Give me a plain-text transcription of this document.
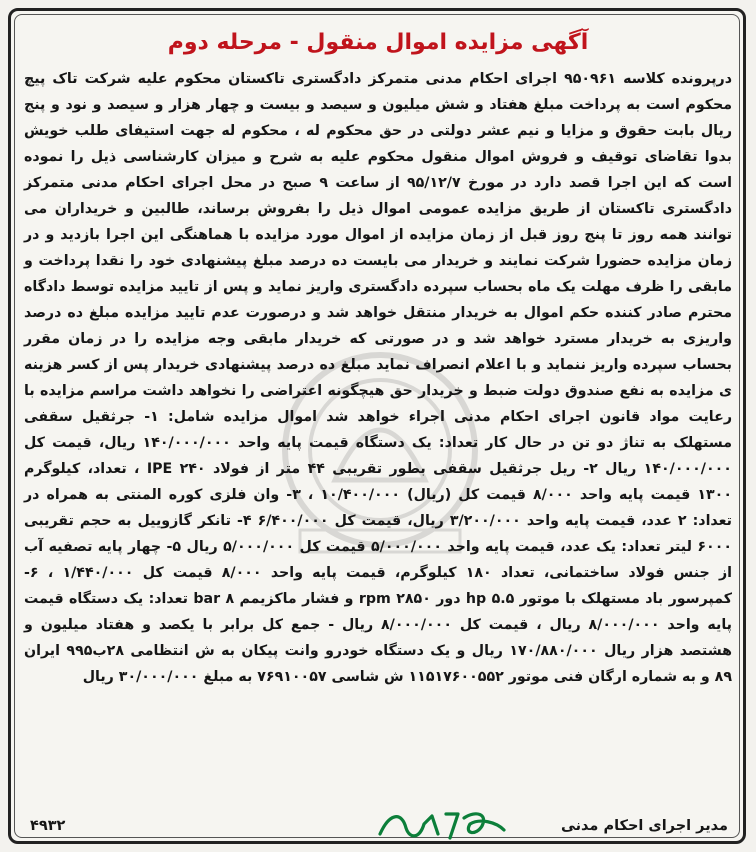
آگهی مزایده اموال منقول - مرحله دوم
درپرونده کلاسه ۹۵۰۹۶۱ اجرای احکام مدنی متمرکز دادگستری تاکستان محکوم علیه شرکت تاک پیچ محکوم است به پرداخت مبلغ هفتاد و شش میلیون و سیصد و بیست و چهار هزار و سیصد و نود و پنج ریال بابت حقوق و مزایا و نیم عشر دولتی در حق محکوم له ، محکوم له جهت استیفای طلب خویش بدوا تقاضای توقیف و فروش اموال منقول محکوم علیه به شرح و میزان کارشناسی ذیل را نموده است که این اجرا قصد دارد در مورخ ۹۵/۱۲/۷ از ساعت ۹ صبح در محل اجرای احکام مدنی متمرکز دادگستری تاکستان از طریق مزایده عمومی اموال ذیل را بفروش برساند، طالبین و خریداران می توانند همه روز تا پنج روز قبل از زمان مزایده از اموال مورد مزایده با هماهنگی این اجرا بازدید و در زمان مزایده حضورا شرکت نمایند و خریدار می بایست ده درصد مبلغ پیشنهادی خود را نقدا پرداخت و مابقی را ظرف مهلت یک ماه بحساب سپرده دادگستری واریز نماید و پس از تایید مزایده توسط دادگاه محترم صادر کننده حکم اموال به خریدار منتقل خواهد شد و درصورت عدم تایید مزایده مبلغ ده درصد واریزی به خریدار مسترد خواهد شد و در صورتی که خریدار مابقی وجه مزایده را در زمان مقرر بحساب سپرده واریز ننماید و با اعلام انصراف نماید مبلغ ده درصد پیشنهادی خریدار پس از کسر هزینه ی مزایده به نفع صندوق دولت ضبط و خریدار حق هیچگونه اعتراضی را نخواهد داشت مراسم مزایده با رعایت مواد قانون اجرای احکام مدنی اجراء خواهد شد اموال مزایده شامل: ۱- جرثقیل سقفی مستهلک به تناژ دو تن در حال کار تعداد: یک دستگاه قیمت پایه واحد ۱۴۰/۰۰۰/۰۰۰ ریال، قیمت کل ۱۴۰/۰۰۰/۰۰۰ ریال ۲- ریل جرثقیل سقفی بطور تقریبی ۴۴ متر از فولاد IPE ۲۴۰ ، تعداد، کیلوگرم ۱۳۰۰ قیمت پایه واحد ۸/۰۰۰ قیمت کل (ریال) ۱۰/۴۰۰/۰۰۰ ، ۳- وان فلزی کوره المنتی به همراه در تعداد: ۲ عدد، قیمت پایه واحد ۳/۲۰۰/۰۰۰ ریال، قیمت کل ۶/۴۰۰/۰۰۰ ۴- تانکر گازوییل به حجم تقریبی ۶۰۰۰ لیتر تعداد: یک عدد، قیمت پایه واحد ۵/۰۰۰/۰۰۰ قیمت کل ۵/۰۰۰/۰۰۰ ریال ۵- چهار پایه تصفیه آب از جنس فولاد ساختمانی، تعداد ۱۸۰ کیلوگرم، قیمت پایه واحد ۸/۰۰۰ قیمت کل ۱/۴۴۰/۰۰۰ ، ۶- کمپرسور باد مستهلک با موتور ۵.۵ hp دور ۲۸۵۰ rpm و فشار ماکزیمم ۸ bar تعداد: یک دستگاه قیمت پایه واحد ۸/۰۰۰/۰۰۰ ریال ، قیمت کل ۸/۰۰۰/۰۰۰ ریال - جمع کل برابر با یکصد و هفتاد میلیون و هشتصد هزار ریال ۱۷۰/۸۸۰/۰۰۰ ریال و یک دستگاه خودرو وانت پیکان به ش انتظامی ۲۸ب۹۹۵ ایران ۸۹ و به شماره ارگان فنی موتور ۱۱۵۱۷۶۰۰۵۵۲ ش شاسی ۷۶۹۱۰۰۵۷ به مبلغ ۳۰/۰۰۰/۰۰۰ ریال
مدیر اجرای احکام مدنی
۴۹۳۲
